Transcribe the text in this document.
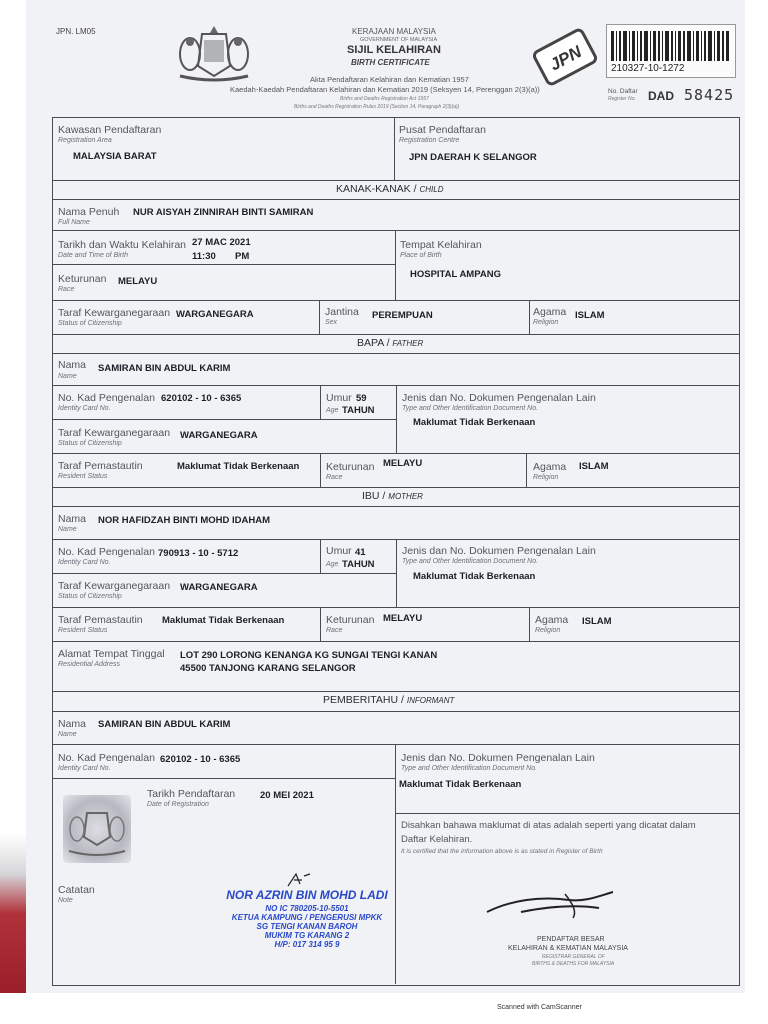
JPN. LM05	KERAJAAN MALAYSIA
GOVERNMENT OF MALAYSIA
SIJIL KELAHIRAN
BIRTH CERTIFICATE
Akta Pendaftaran Kelahiran dan Kematian 1957
Kaedah-Kaedah Pendaftaran Kelahiran dan Kematian 2019 (Seksyen 14, Perenggan 2(3)(a))
Births and Deaths Registration Act 1957
Births and Deaths Registration Rules 2019 (Section 14, Paragraph 2(3)(a))
JPN	210327-10-1272
No. Daftar
Register No. DAD 58425
Kawasan Pendaftaran
Registration Area
MALAYSIA BARAT
Pusat Pendaftaran
Registration Centre
JPN DAERAH K SELANGOR
KANAK-KANAK / CHILD
Nama Penuh
Full Name
NUR AISYAH ZINNIRAH BINTI SAMIRAN
Tarikh dan Waktu Kelahiran
Date and Time of Birth
27 MAC 2021
11:30 PM
Tempat Kelahiran
Place of Birth
HOSPITAL AMPANG
Keturunan
Race
MELAYU
Taraf Kewarganegaraan
Status of Citizenship
WARGANEGARA	Jantina
Sex
PEREMPUAN	Agama
Religion
ISLAM
BAPA / FATHER
Nama
Name
SAMIRAN BIN ABDUL KARIM
No. Kad Pengenalan
Identity Card No.
620102 - 10 - 6365	Umur 59
Age TAHUN
Jenis dan No. Dokumen Pengenalan Lain
Type and Other Identification Document No.
Maklumat Tidak Berkenaan
Taraf Kewarganegaraan
Status of Citizenship
WARGANEGARA
Taraf Pemastautin
Resident Status
Maklumat Tidak Berkenaan	Keturunan
Race
MELAYU	Agama
Religion
ISLAM
IBU / MOTHER
Nama
Name
NOR HAFIDZAH BINTI MOHD IDAHAM
No. Kad Pengenalan
Identity Card No.
790913 - 10 - 5712	Umur 41
Age TAHUN
Jenis dan No. Dokumen Pengenalan Lain
Type and Other Identification Document No.
Maklumat Tidak Berkenaan
Taraf Kewarganegaraan
Status of Citizenship
WARGANEGARA
Taraf Pemastautin
Resident Status
Maklumat Tidak Berkenaan	Keturunan
Race
MELAYU	Agama
Religion
ISLAM
Alamat Tempat Tinggal
Residential Address
LOT 290 LORONG KENANGA KG SUNGAI TENGI KANAN
45500 TANJONG KARANG SELANGOR
PEMBERITAHU / INFORMANT
Nama
Name
SAMIRAN BIN ABDUL KARIM
No. Kad Pengenalan
Identity Card No.
620102 - 10 - 6365	Jenis dan No. Dokumen Pengenalan Lain
Type and Other Identification Document No.
Maklumat Tidak Berkenaan
Tarikh Pendaftaran
Date of Registration
20 MEI 2021
Disahkan bahawa maklumat di atas adalah seperti yang dicatat dalam
Daftar Kelahiran.
It is certified that the information above is as stated in Register of Birth
Catatan
Note
PENDAFTAR BESAR
KELAHIRAN & KEMATIAN MALAYSIA
REGISTRAR GENERAL OF
BIRTHS & DEATHS FOR MALAYSIA
NOR AZRIN BIN MOHD LADI
NO IC 780205-10-5501
KETUA KAMPUNG / PENGERUSI MPKK
SG TENGI KANAN BAROH
MUKIM TG KARANG 2
H/P: 017 314 95 9
Scanned with CamScanner
